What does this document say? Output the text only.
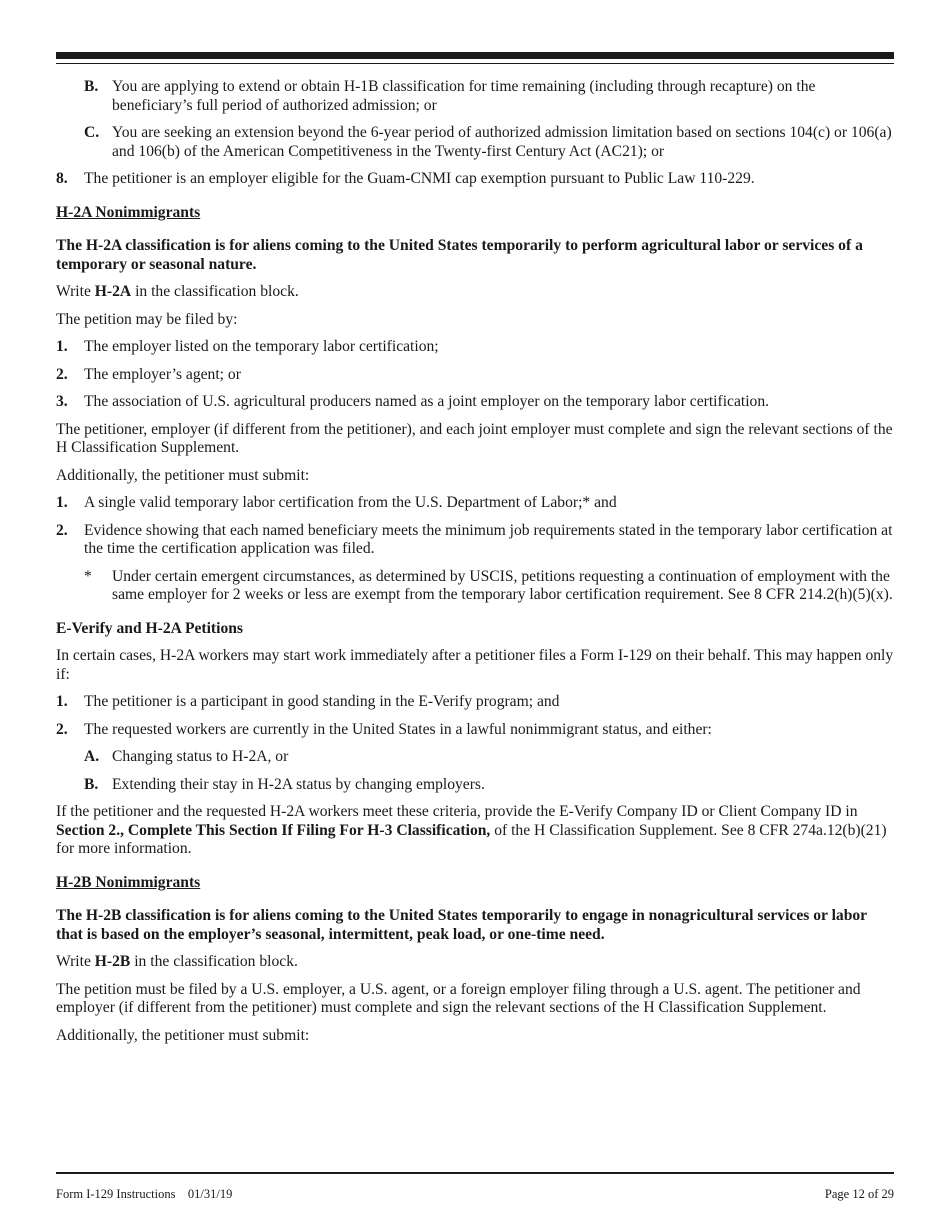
B. You are applying to extend or obtain H-1B classification for time remaining (including through recapture) on the beneficiary’s full period of authorized admission; or
C. You are seeking an extension beyond the 6-year period of authorized admission limitation based on sections 104(c) or 106(a) and 106(b) of the American Competitiveness in the Twenty-first Century Act (AC21); or
8.	The petitioner is an employer eligible for the Guam-CNMI cap exemption pursuant to Public Law 110-229.
H-2A Nonimmigrants

The H-2A classification is for aliens coming to the United States temporarily to perform agricultural labor or services of a temporary or seasonal nature.

Write H-2A in the classification block.

The petition may be filed by:

1.	The employer listed on the temporary labor certification;
2.	The employer’s agent; or
3.	The association of U.S. agricultural producers named as a joint employer on the temporary labor certification.

The petitioner, employer (if different from the petitioner), and each joint employer must complete and sign the relevant sections of the H Classification Supplement.

Additionally, the petitioner must submit:

1.	A single valid temporary labor certification from the U.S. Department of Labor;* and
2.	Evidence showing that each named beneficiary meets the minimum job requirements stated in the temporary labor certification at the time the certification application was filed.
*	Under certain emergent circumstances, as determined by USCIS, petitions requesting a continuation of employment with the same employer for 2 weeks or less are exempt from the temporary labor certification requirement. See 8 CFR 214.2(h)(5)(x).
E-Verify and H-2A Petitions

In certain cases, H-2A workers may start work immediately after a petitioner files a Form I-129 on their behalf. This may happen only if:

1.	The petitioner is a participant in good standing in the E-Verify program; and
2.	The requested workers are currently in the United States in a lawful nonimmigrant status, and either:
A. Changing status to H-2A, or
B. Extending their stay in H-2A status by changing employers.

If the petitioner and the requested H-2A workers meet these criteria, provide the E-Verify Company ID or Client Company ID in Section 2., Complete This Section If Filing For H-3 Classification, of the H Classification Supplement. See 8 CFR 274a.12(b)(21) for more information.

H-2B Nonimmigrants

The H-2B classification is for aliens coming to the United States temporarily to engage in nonagricultural services or labor that is based on the employer’s seasonal, intermittent, peak load, or one-time need.

Write H-2B in the classification block.

The petition must be filed by a U.S. employer, a U.S. agent, or a foreign employer filing through a U.S. agent. The petitioner and employer (if different from the petitioner) must complete and sign the relevant sections of the H Classification Supplement.

Additionally, the petitioner must submit:

Form I-129 Instructions    01/31/19	Page 12 of 29
